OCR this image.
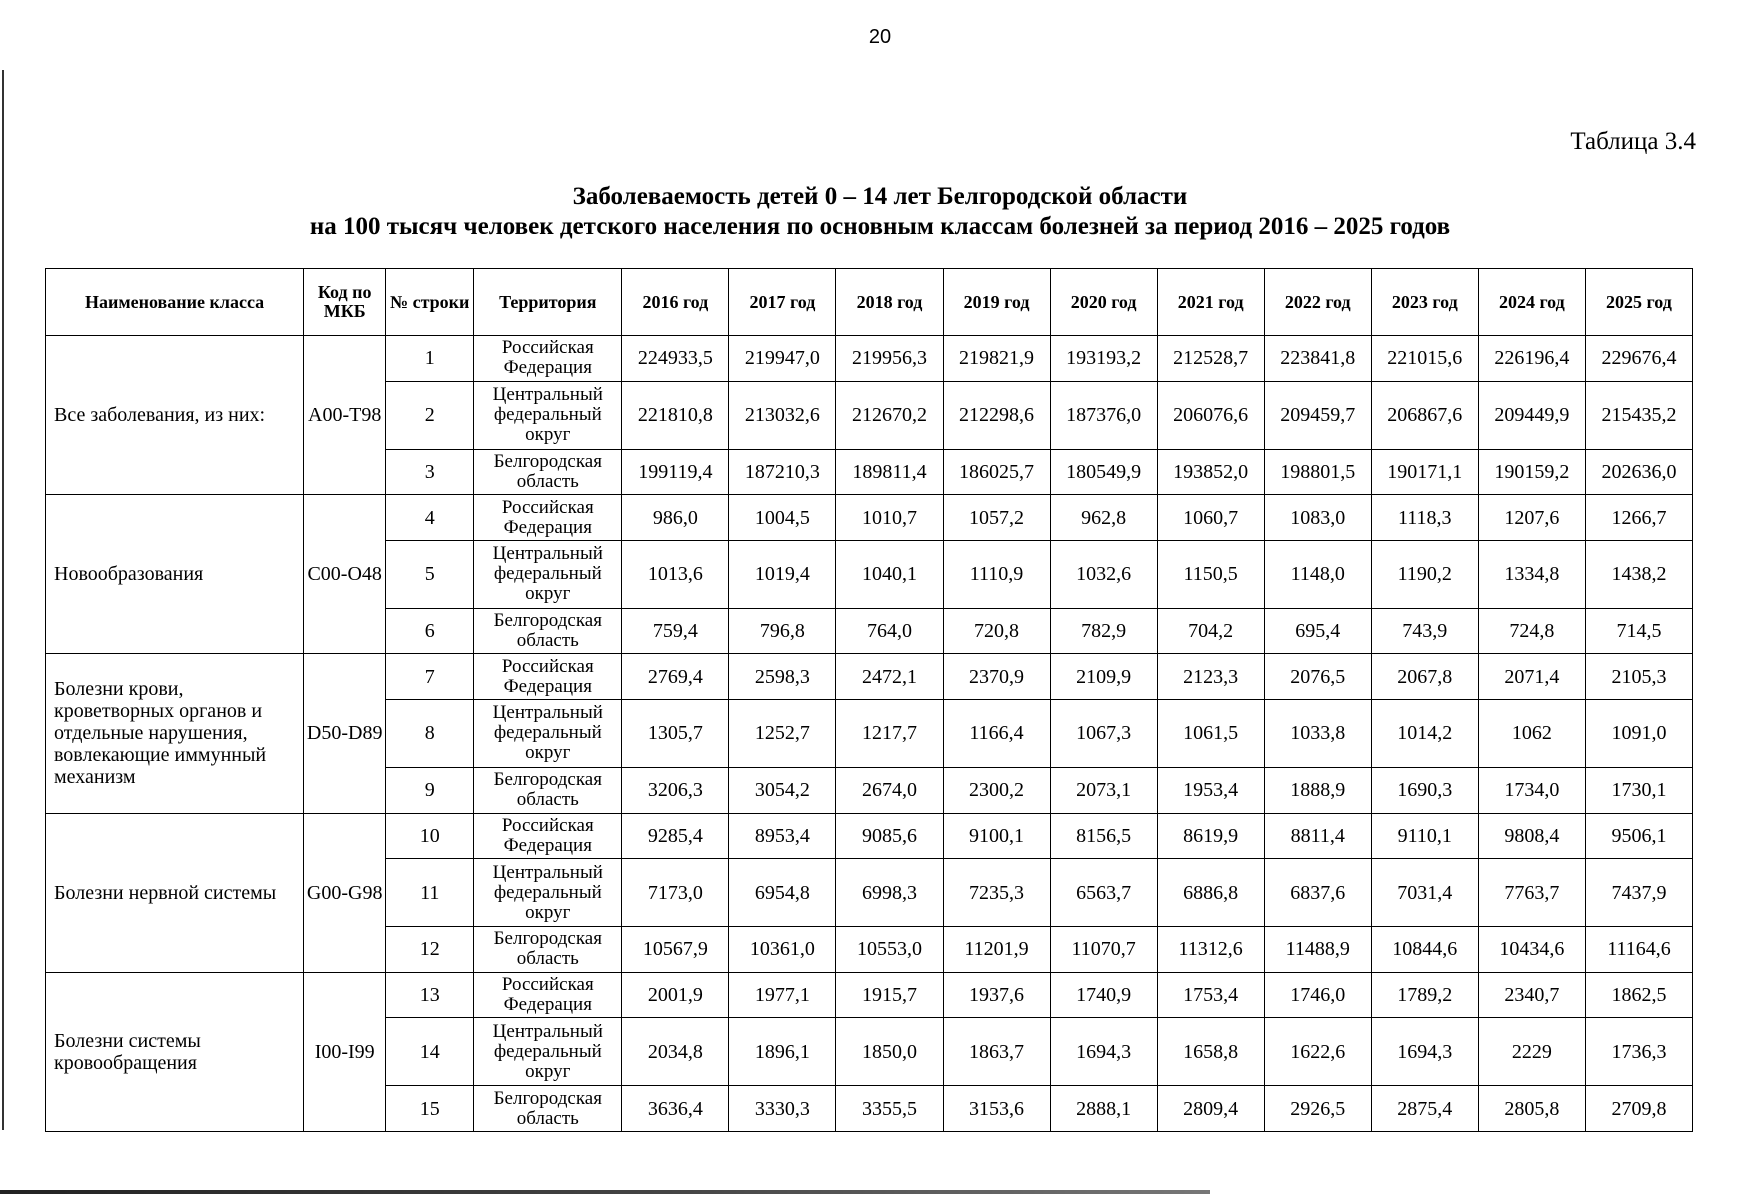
20
Таблица 3.4
Заболеваемость детей 0 – 14 лет Белгородской области
на 100 тысяч человек детского населения по основным классам болезней за период 2016 – 2025 годов
Наименование класса	Код по МКБ	№ строки	Территория	2016 год	2017 год	2018 год	2019 год	2020 год	2021 год	2022 год	2023 год	2024 год	2025 год
Все заболевания, из них:	A00-T98	1	Российская Федерация	224933,5	219947,0	219956,3	219821,9	193193,2	212528,7	223841,8	221015,6	226196,4	229676,4
		2	Центральный федеральный округ	221810,8	213032,6	212670,2	212298,6	187376,0	206076,6	209459,7	206867,6	209449,9	215435,2
		3	Белгородская область	199119,4	187210,3	189811,4	186025,7	180549,9	193852,0	198801,5	190171,1	190159,2	202636,0
Новообразования	C00-O48	4	Российская Федерация	986,0	1004,5	1010,7	1057,2	962,8	1060,7	1083,0	1118,3	1207,6	1266,7
		5	Центральный федеральный округ	1013,6	1019,4	1040,1	1110,9	1032,6	1150,5	1148,0	1190,2	1334,8	1438,2
		6	Белгородская область	759,4	796,8	764,0	720,8	782,9	704,2	695,4	743,9	724,8	714,5
Болезни крови, кроветворных органов и отдельные нарушения, вовлекающие иммунный механизм	D50-D89	7	Российская Федерация	2769,4	2598,3	2472,1	2370,9	2109,9	2123,3	2076,5	2067,8	2071,4	2105,3
		8	Центральный федеральный округ	1305,7	1252,7	1217,7	1166,4	1067,3	1061,5	1033,8	1014,2	1062	1091,0
		9	Белгородская область	3206,3	3054,2	2674,0	2300,2	2073,1	1953,4	1888,9	1690,3	1734,0	1730,1
Болезни нервной системы	G00-G98	10	Российская Федерация	9285,4	8953,4	9085,6	9100,1	8156,5	8619,9	8811,4	9110,1	9808,4	9506,1
		11	Центральный федеральный округ	7173,0	6954,8	6998,3	7235,3	6563,7	6886,8	6837,6	7031,4	7763,7	7437,9
		12	Белгородская область	10567,9	10361,0	10553,0	11201,9	11070,7	11312,6	11488,9	10844,6	10434,6	11164,6
Болезни системы кровообращения	I00-I99	13	Российская Федерация	2001,9	1977,1	1915,7	1937,6	1740,9	1753,4	1746,0	1789,2	2340,7	1862,5
		14	Центральный федеральный округ	2034,8	1896,1	1850,0	1863,7	1694,3	1658,8	1622,6	1694,3	2229	1736,3
		15	Белгородская область	3636,4	3330,3	3355,5	3153,6	2888,1	2809,4	2926,5	2875,4	2805,8	2709,8
